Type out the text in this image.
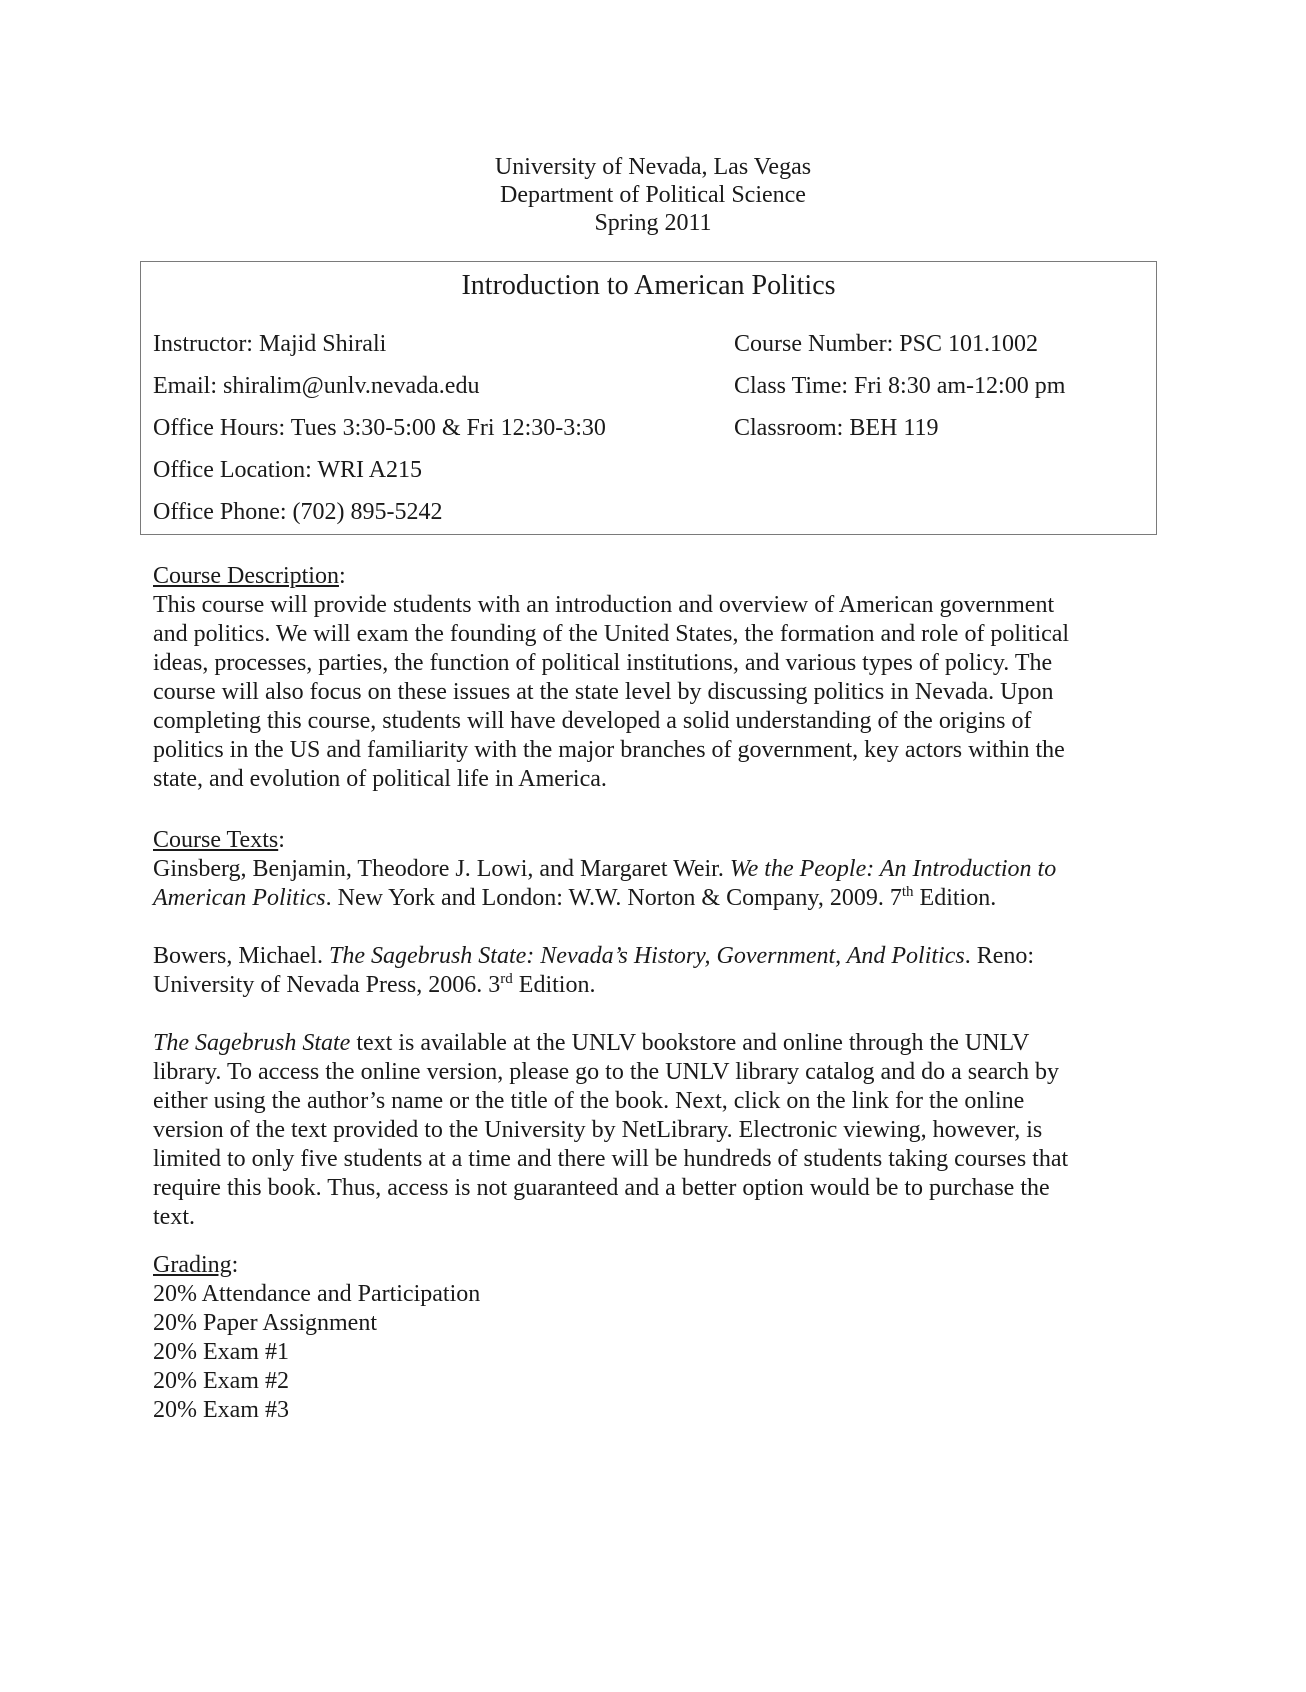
University of Nevada, Las Vegas
Department of Political Science
Spring 2011
Introduction to American Politics
Instructor: Majid Shirali
Email: shiralim@unlv.nevada.edu
Office Hours: Tues 3:30-5:00 & Fri 12:30-3:30
Office Location: WRI A215
Office Phone: (702) 895-5242
Course Number: PSC 101.1002
Class Time: Fri 8:30 am-12:00 pm
Classroom: BEH 119
Course Description:

This course will provide students with an introduction and overview of American government
and politics. We will exam the founding of the United States, the formation and role of political
ideas, processes, parties, the function of political institutions, and various types of policy. The
course will also focus on these issues at the state level by discussing politics in Nevada. Upon
completing this course, students will have developed a solid understanding of the origins of
politics in the US and familiarity with the major branches of government, key actors within the
state, and evolution of political life in America.

Course Texts:
Ginsberg, Benjamin, Theodore J. Lowi, and Margaret Weir. We the People: An Introduction to
American Politics. New York and London: W.W. Norton & Company, 2009. 7th Edition.
Bowers, Michael. The Sagebrush State: Nevada’s History, Government, And Politics. Reno:
University of Nevada Press, 2006. 3rd Edition.

The Sagebrush State text is available at the UNLV bookstore and online through the UNLV
library. To access the online version, please go to the UNLV library catalog and do a search by
either using the author’s name or the title of the book. Next, click on the link for the online
version of the text provided to the University by NetLibrary. Electronic viewing, however, is
limited to only five students at a time and there will be hundreds of students taking courses that
require this book. Thus, access is not guaranteed and a better option would be to purchase the
text.

Grading:
20% Attendance and Participation
20% Paper Assignment
20% Exam #1
20% Exam #2
20% Exam #3
